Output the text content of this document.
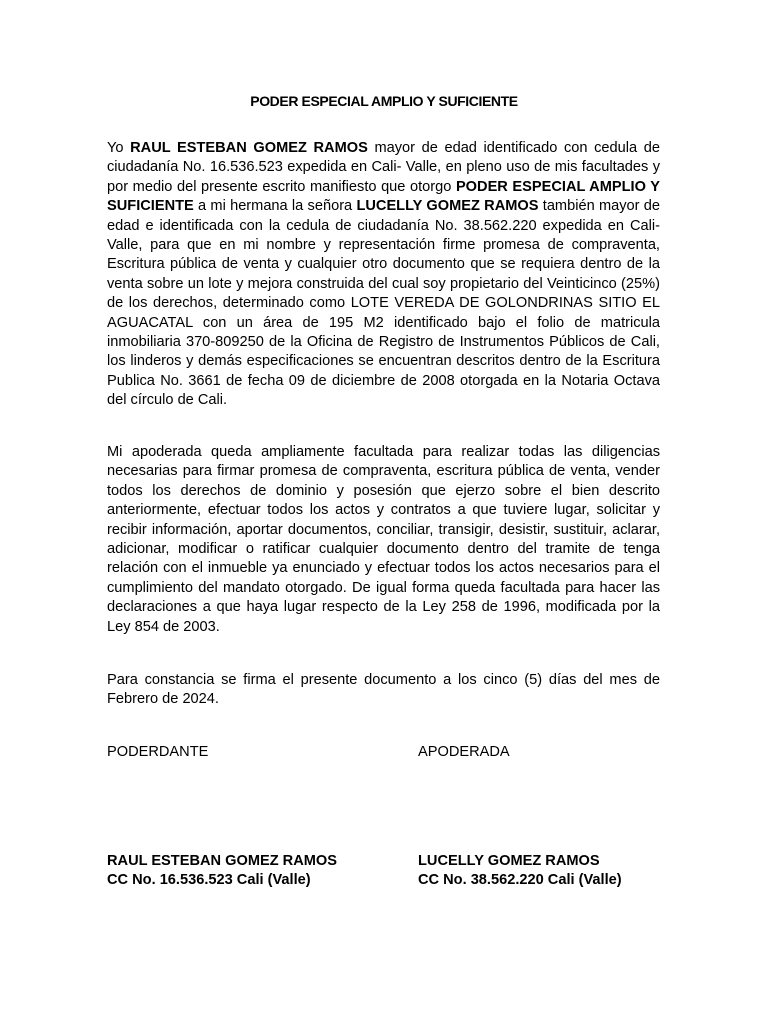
PODER ESPECIAL AMPLIO Y SUFICIENTE

Yo RAUL ESTEBAN GOMEZ RAMOS mayor de edad identificado con cedula de ciudadanía No. 16.536.523 expedida en Cali- Valle, en pleno uso de mis facultades y por medio del presente escrito manifiesto que otorgo PODER ESPECIAL AMPLIO Y SUFICIENTE a mi hermana la señora LUCELLY GOMEZ RAMOS también mayor de edad e identificada con la cedula de ciudadanía No. 38.562.220 expedida en Cali-Valle, para que en mi nombre y representación firme promesa de compraventa, Escritura pública de venta y cualquier otro documento que se requiera dentro de la venta sobre un lote y mejora construida del cual soy propietario del Veinticinco (25%) de los derechos, determinado como LOTE VEREDA DE GOLONDRINAS SITIO EL AGUACATAL con un área de 195 M2 identificado bajo el folio de matricula inmobiliaria 370-809250 de la Oficina de Registro de Instrumentos Públicos de Cali, los linderos y demás especificaciones se encuentran descritos dentro de la Escritura Publica No. 3661 de fecha 09 de diciembre de 2008 otorgada en la Notaria Octava del círculo de Cali.

Mi apoderada queda ampliamente facultada para realizar todas las diligencias necesarias para firmar promesa de compraventa, escritura pública de venta, vender todos los derechos de dominio y posesión que ejerzo sobre el bien descrito anteriormente, efectuar todos los actos y contratos a que tuviere lugar, solicitar y recibir información, aportar documentos, conciliar, transigir, desistir, sustituir, aclarar, adicionar, modificar o ratificar cualquier documento dentro del tramite de tenga relación con el inmueble ya enunciado y efectuar todos los actos necesarios para el cumplimiento del mandato otorgado. De igual forma queda facultada para hacer las declaraciones a que haya lugar respecto de la Ley 258 de 1996, modificada por la Ley 854 de 2003.

Para constancia se firma el presente documento a los cinco (5) días del mes de Febrero de 2024.

PODERDANTE	APODERADA
RAUL ESTEBAN GOMEZ RAMOS
CC No. 16.536.523 Cali (Valle)
LUCELLY GOMEZ RAMOS
CC No. 38.562.220 Cali (Valle)
